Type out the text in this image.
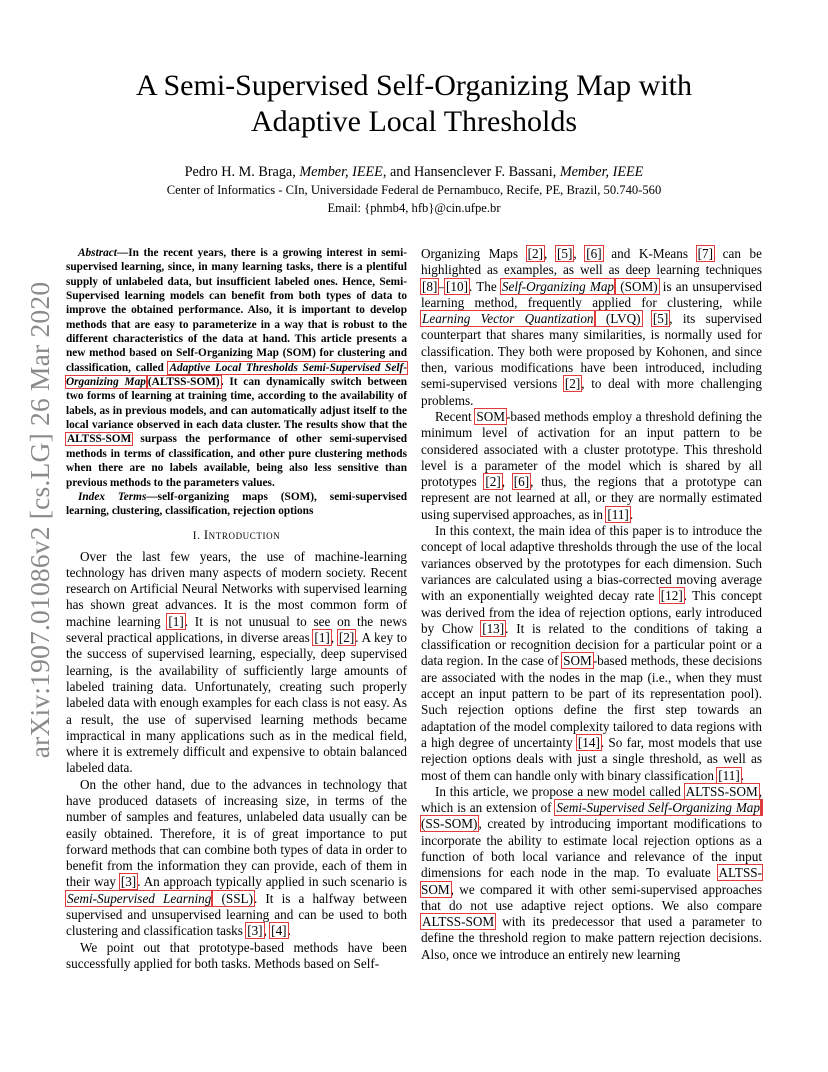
arXiv:1907.01086v2 [cs.LG] 26 Mar 2020
A Semi-Supervised Self-Organizing Map with
Adaptive Local Thresholds
Pedro H. M. Braga, Member, IEEE, and Hansenclever F. Bassani, Member, IEEE
Center of Informatics - CIn, Universidade Federal de Pernambuco, Recife, PE, Brazil, 50.740-560
Email: {phmb4, hfb}@cin.ufpe.br

Abstract—In the recent years, there is a growing interest in semi-supervised learning, since, in many learning tasks, there is a plentiful supply of unlabeled data, but insufficient labeled ones. Hence, Semi-Supervised learning models can benefit from both types of data to improve the obtained performance. Also, it is important to develop methods that are easy to parameterize in a way that is robust to the different characteristics of the data at hand. This article presents a new method based on Self-Organizing Map (SOM) for clustering and classification, called Adaptive Local Thresholds Semi-Supervised Self-Organizing Map (ALTSS-SOM). It can dynamically switch between two forms of learning at training time, according to the availability of labels, as in previous models, and can automatically adjust itself to the local variance observed in each data cluster. The results show that the ALTSS-SOM surpass the performance of other semi-supervised methods in terms of classification, and other pure clustering methods when there are no labels available, being also less sensitive than previous methods to the parameters values.

Index Terms—self-organizing maps (SOM), semi-supervised learning, clustering, classification, rejection options

I. Introduction

Over the last few years, the use of machine-learning technology has driven many aspects of modern society. Recent research on Artificial Neural Networks with supervised learning has shown great advances. It is the most common form of machine learning [1]. It is not unusual to see on the news several practical applications, in diverse areas [1], [2]. A key to the success of supervised learning, especially, deep supervised learning, is the availability of sufficiently large amounts of labeled training data. Unfortunately, creating such properly labeled data with enough examples for each class is not easy. As a result, the use of supervised learning methods became impractical in many applications such as in the medical field, where it is extremely difficult and expensive to obtain balanced labeled data.

On the other hand, due to the advances in technology that have produced datasets of increasing size, in terms of the number of samples and features, unlabeled data usually can be easily obtained. Therefore, it is of great importance to put forward methods that can combine both types of data in order to benefit from the information they can provide, each of them in their way [3]. An approach typically applied in such scenario is Semi-Supervised Learning (SSL). It is a halfway between supervised and unsupervised learning and can be used to both clustering and classification tasks [3], [4].

We point out that prototype-based methods have been successfully applied for both tasks. Methods based on Self-

Organizing Maps [2], [5], [6] and K-Means [7] can be highlighted as examples, as well as deep learning techniques [8]–[10]. The Self-Organizing Map (SOM) is an unsupervised learning method, frequently applied for clustering, while Learning Vector Quantization (LVQ) [5], its supervised counterpart that shares many similarities, is normally used for classification. They both were proposed by Kohonen, and since then, various modifications have been introduced, including semi-supervised versions [2], to deal with more challenging problems.

Recent SOM-based methods employ a threshold defining the minimum level of activation for an input pattern to be considered associated with a cluster prototype. This threshold level is a parameter of the model which is shared by all prototypes [2], [6], thus, the regions that a prototype can represent are not learned at all, or they are normally estimated using supervised approaches, as in [11].

In this context, the main idea of this paper is to introduce the concept of local adaptive thresholds through the use of the local variances observed by the prototypes for each dimension. Such variances are calculated using a bias-corrected moving average with an exponentially weighted decay rate [12]. This concept was derived from the idea of rejection options, early introduced by Chow [13]. It is related to the conditions of taking a classification or recognition decision for a particular point or a data region. In the case of SOM-based methods, these decisions are associated with the nodes in the map (i.e., when they must accept an input pattern to be part of its representation pool). Such rejection options define the first step towards an adaptation of the model complexity tailored to data regions with a high degree of uncertainty [14]. So far, most models that use rejection options deals with just a single threshold, as well as most of them can handle only with binary classification [11].

In this article, we propose a new model called ALTSS-SOM, which is an extension of Semi-Supervised Self-Organizing Map (SS-SOM), created by introducing important modifications to incorporate the ability to estimate local rejection options as a function of both local variance and relevance of the input dimensions for each node in the map. To evaluate ALTSS-SOM, we compared it with other semi-supervised approaches that do not use adaptive reject options. We also compare ALTSS-SOM with its predecessor that used a parameter to define the threshold region to make pattern rejection decisions. Also, once we introduce an entirely new learning
